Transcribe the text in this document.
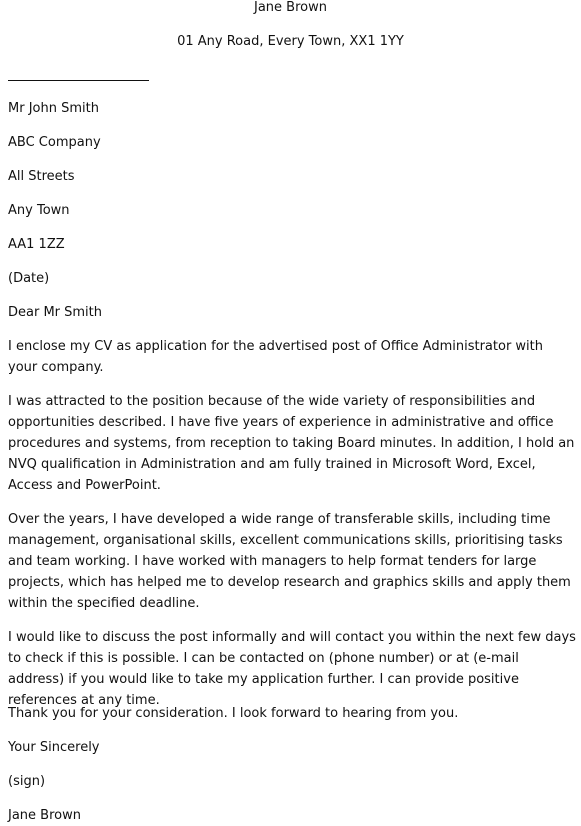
Jane Brown
01 Any Road, Every Town, XX1 1YY
Mr John Smith
ABC Company
All Streets
Any Town
AA1 1ZZ
(Date)
Dear Mr Smith

I enclose my CV as application for the advertised post of Office Administrator with your company.

I was attracted to the position because of the wide variety of responsibilities and opportunities described. I have five years of experience in administrative and office procedures and systems, from reception to taking Board minutes. In addition, I hold an NVQ qualification in Administration and am fully trained in Microsoft Word, Excel, Access and PowerPoint.

Over the years, I have developed a wide range of transferable skills, including time management, organisational skills, excellent communications skills, prioritising tasks and team working. I have worked with managers to help format tenders for large projects, which has helped me to develop research and graphics skills and apply them within the specified deadline.

I would like to discuss the post informally and will contact you within the next few days to check if this is possible. I can be contacted on (phone number) or at (e-mail address) if you would like to take my application further. I can provide positive references at any time.

Thank you for your consideration. I look forward to hearing from you.

Your Sincerely
(sign)
Jane Brown
